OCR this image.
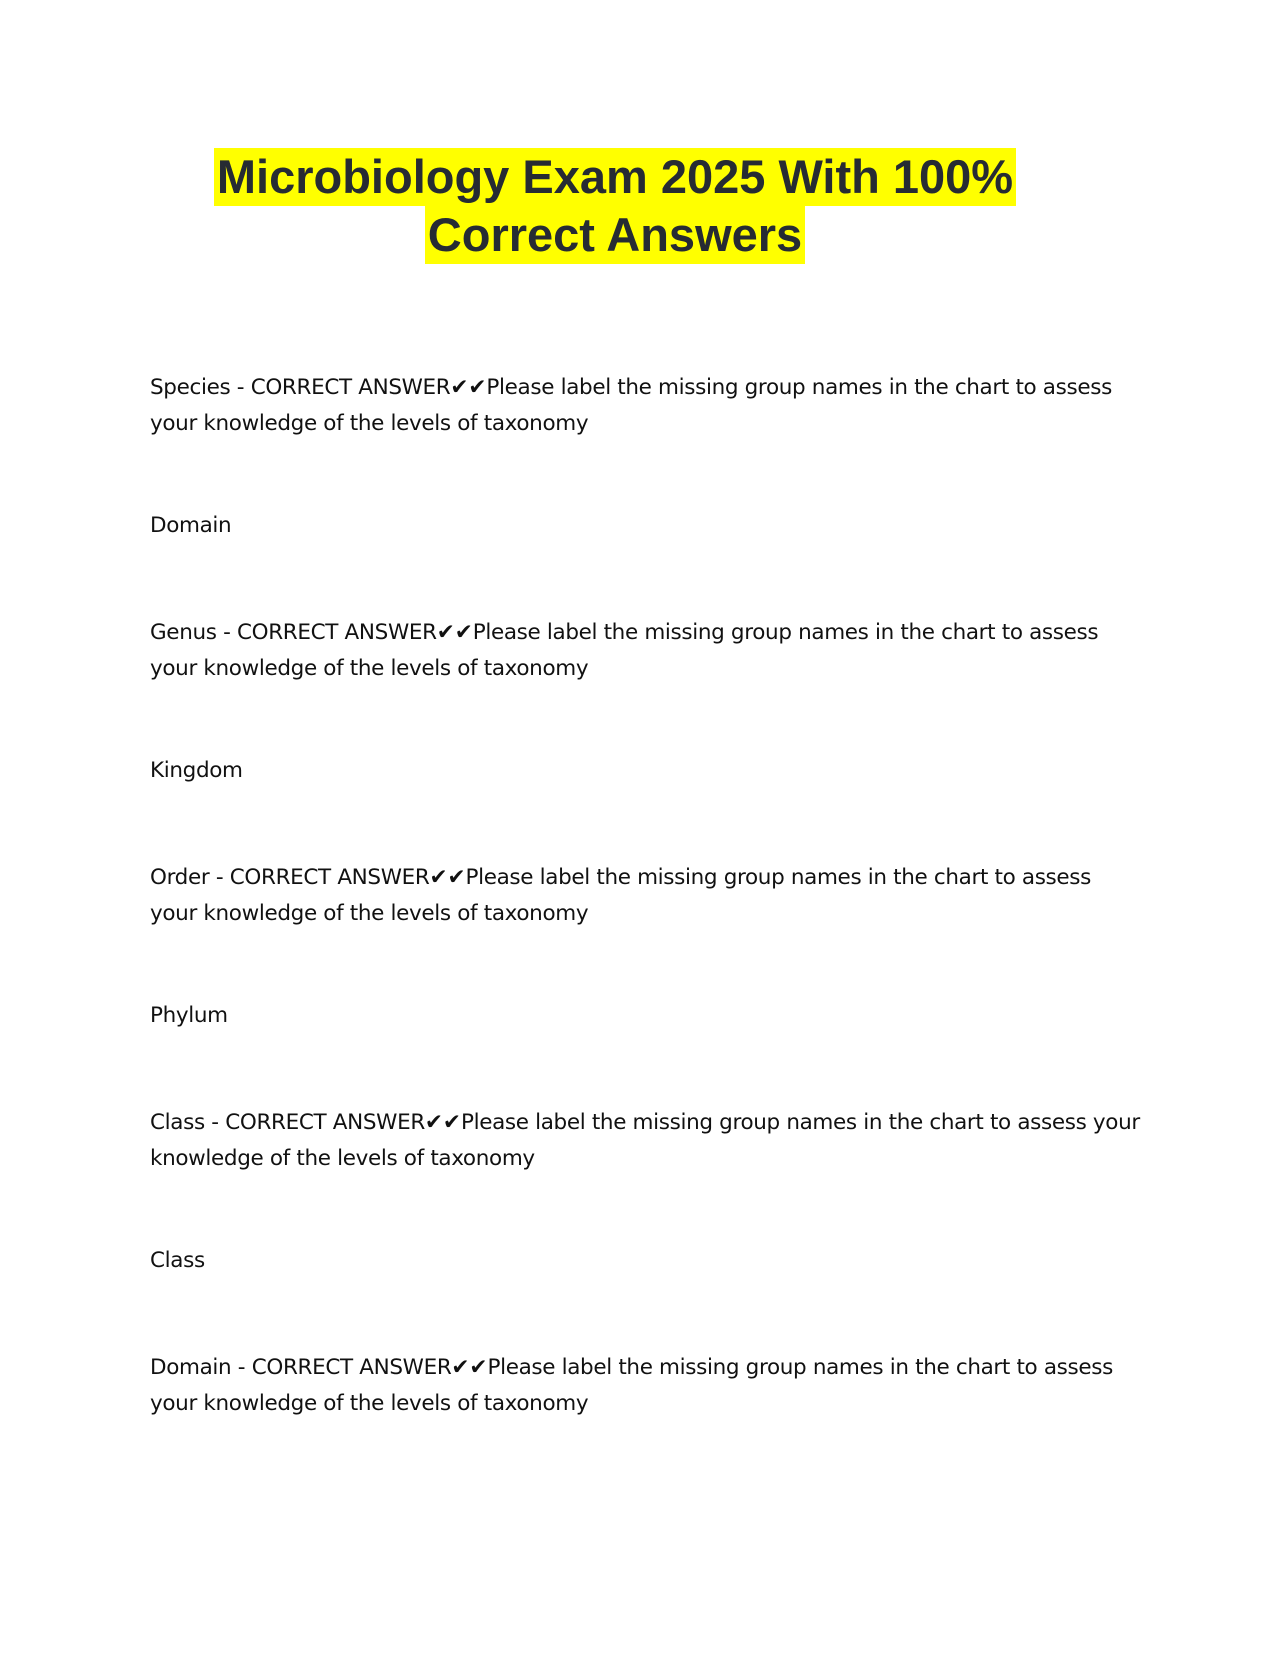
Microbiology Exam 2025 With 100%
Correct Answers
Species - CORRECT ANSWER✔✔Please label the missing group names in the chart to assess your knowledge of the levels of taxonomy
Domain
Genus - CORRECT ANSWER✔✔Please label the missing group names in the chart to assess your knowledge of the levels of taxonomy
Kingdom
Order - CORRECT ANSWER✔✔Please label the missing group names in the chart to assess your knowledge of the levels of taxonomy
Phylum
Class - CORRECT ANSWER✔✔Please label the missing group names in the chart to assess your knowledge of the levels of taxonomy
Class
Domain - CORRECT ANSWER✔✔Please label the missing group names in the chart to assess your knowledge of the levels of taxonomy
